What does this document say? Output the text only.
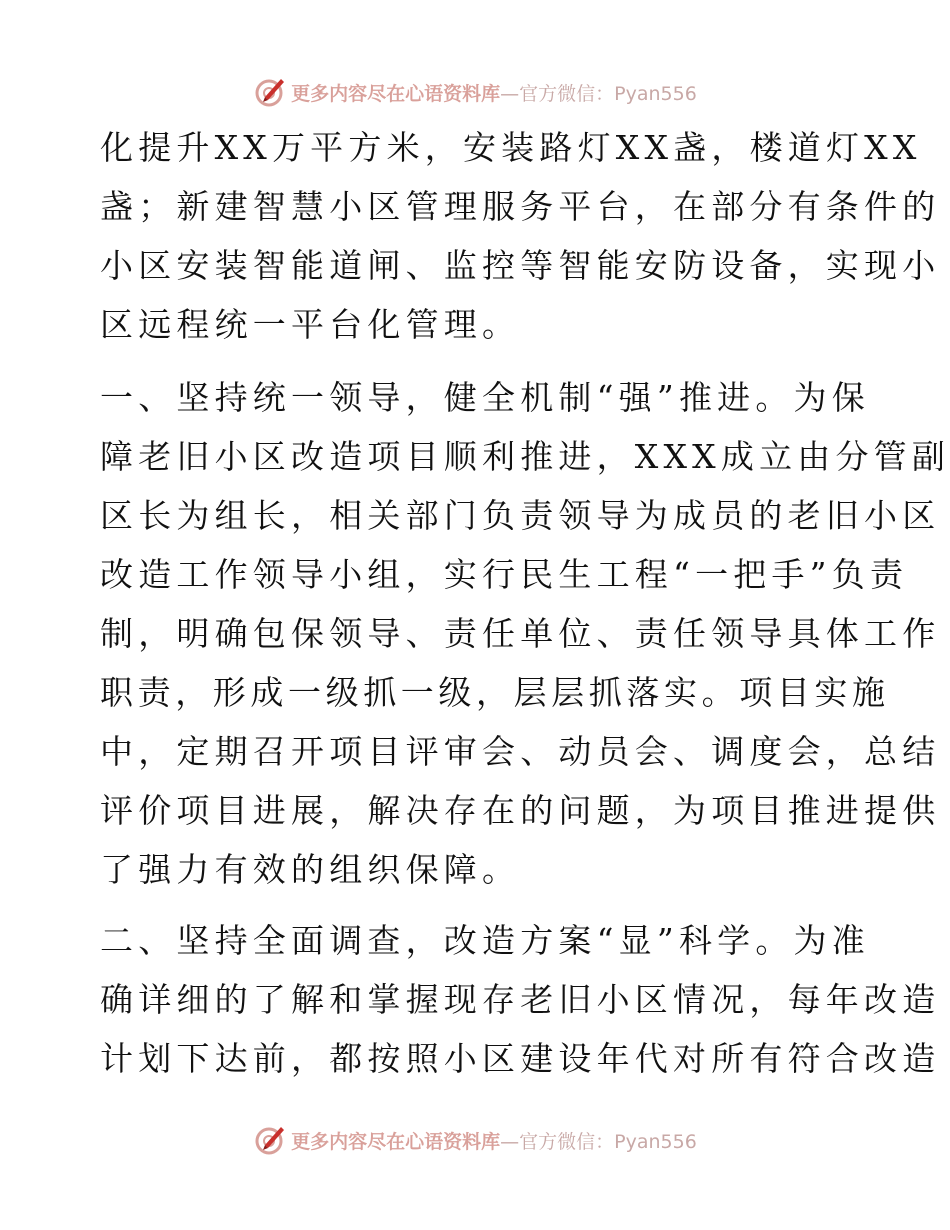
更多内容尽在心语资料库—官方微信：Pyan556
化提升XX万平方米，安装路灯XX盏，楼道灯XX
盏；新建智慧小区管理服务平台，在部分有条件的
小区安装智能道闸、监控等智能安防设备，实现小
区远程统一平台化管理。
一、坚持统一领导，健全机制“强”推进。为保
障老旧小区改造项目顺利推进，XXX成立由分管副
区长为组长，相关部门负责领导为成员的老旧小区
改造工作领导小组，实行民生工程“一把手”负责
制，明确包保领导、责任单位、责任领导具体工作
职责，形成一级抓一级，层层抓落实。项目实施
中，定期召开项目评审会、动员会、调度会，总结
评价项目进展，解决存在的问题，为项目推进提供
了强力有效的组织保障。
二、坚持全面调查，改造方案“显”科学。为准
确详细的了解和掌握现存老旧小区情况，每年改造
计划下达前，都按照小区建设年代对所有符合改造
更多内容尽在心语资料库—官方微信：Pyan556
